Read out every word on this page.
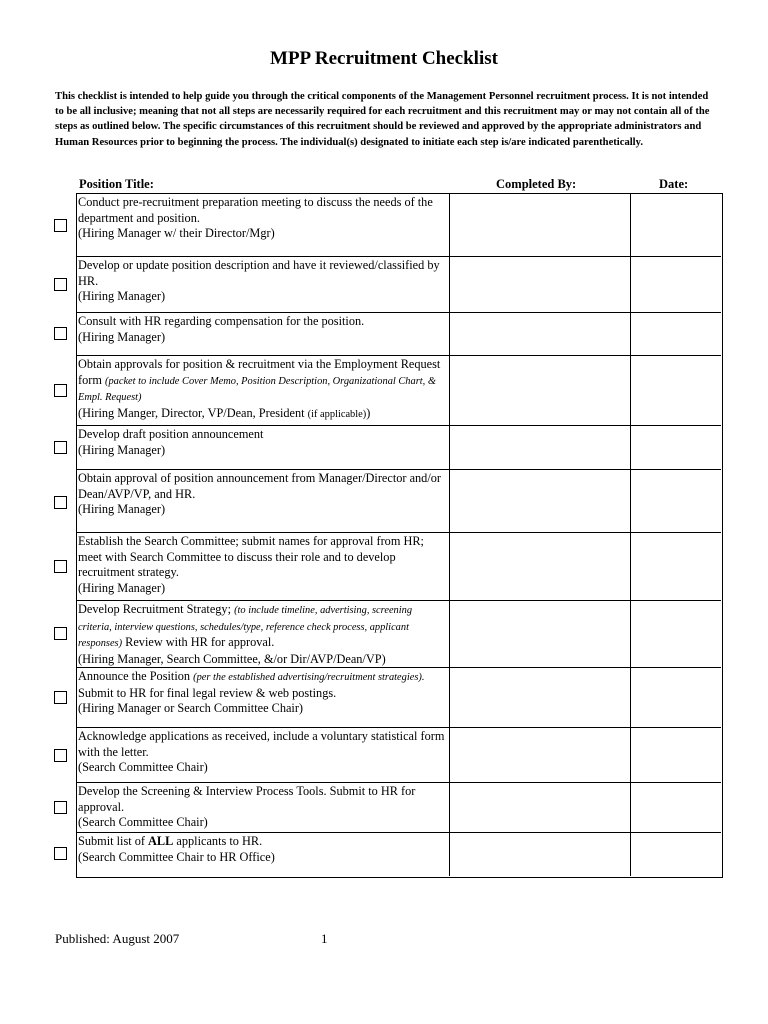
MPP Recruitment Checklist
This checklist is intended to help guide you through the critical components of the Management Personnel recruitment process. It is not intended to be all inclusive; meaning that not all steps are necessarily required for each recruitment and this recruitment may or may not contain all of the steps as outlined below. The specific circumstances of this recruitment should be reviewed and approved by the appropriate administrators and Human Resources prior to beginning the process. The individual(s) designated to initiate each step is/are indicated parenthetically.
Position Title:	Completed By:	Date:
Conduct pre-recruitment preparation meeting to discuss the needs of the department and position.
(Hiring Manager w/ their Director/Mgr)
Develop or update position description and have it reviewed/classified by HR.
(Hiring Manager)
Consult with HR regarding compensation for the position.
(Hiring Manager)
Obtain approvals for position & recruitment via the Employment Request form (packet to include Cover Memo, Position Description, Organizational Chart, & Empl. Request)
(Hiring Manger, Director, VP/Dean, President (if applicable))
Develop draft position announcement
(Hiring Manager)
Obtain approval of position announcement from Manager/Director and/or Dean/AVP/VP, and HR.
(Hiring Manager)
Establish the Search Committee; submit names for approval from HR; meet with Search Committee to discuss their role and to develop recruitment strategy.
(Hiring Manager)
Develop Recruitment Strategy; (to include timeline, advertising, screening criteria, interview questions, schedules/type, reference check process, applicant responses) Review with HR for approval.
(Hiring Manager, Search Committee, &/or Dir/AVP/Dean/VP)
Announce the Position (per the established advertising/recruitment strategies). Submit to HR for final legal review & web postings.
(Hiring Manager or Search Committee Chair)
Acknowledge applications as received, include a voluntary statistical form with the letter.
(Search Committee Chair)
Develop the Screening & Interview Process Tools. Submit to HR for approval.
(Search Committee Chair)
Submit list of ALL applicants to HR.
(Search Committee Chair to HR Office)
Published: August 2007	1
